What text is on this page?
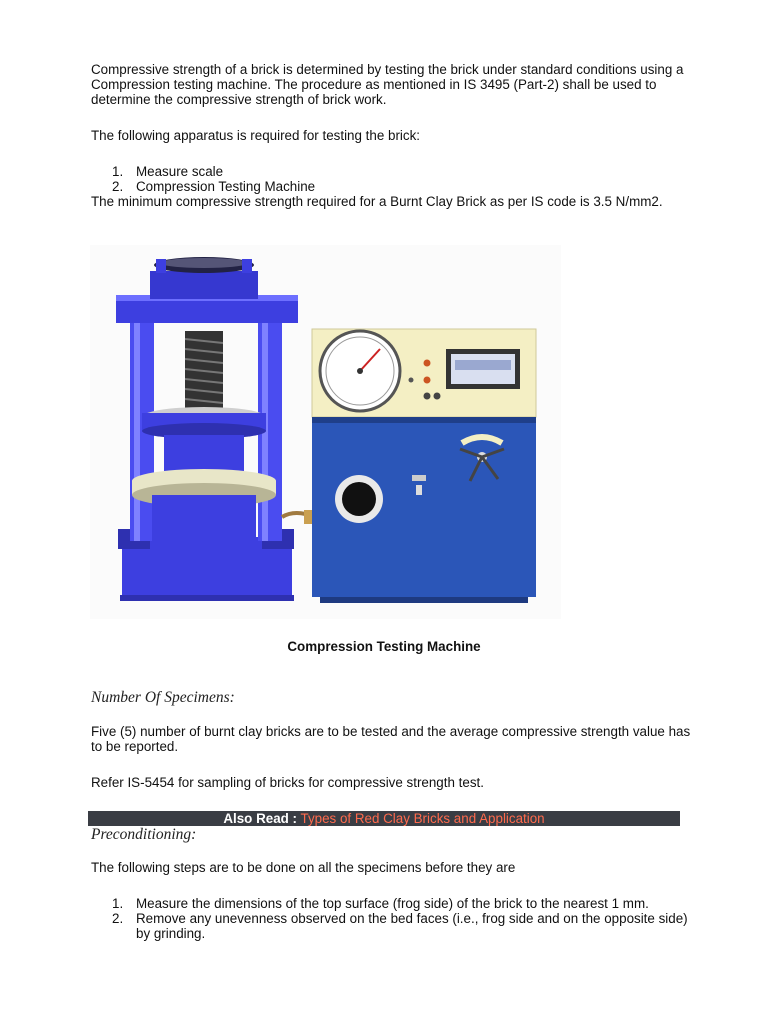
Compressive strength of a brick is determined by testing the brick under standard conditions using a Compression testing machine. The procedure as mentioned in IS 3495 (Part-2) shall be used to determine the compressive strength of brick work.

The following apparatus is required for testing the brick:

1. Measure scale
2. Compression Testing Machine

The minimum compressive strength required for a Burnt Clay Brick as per IS code is 3.5 N/mm2.

Compression Testing Machine

Number Of Specimens:

Five (5) number of burnt clay bricks are to be tested and the average compressive strength value has to be reported.

Refer IS-5454 for sampling of bricks for compressive strength test.

Also Read : Types of Red Clay Bricks and Application
Preconditioning:

The following steps are to be done on all the specimens before they are

1. Measure the dimensions of the top surface (frog side) of the brick to the nearest 1 mm.
2. Remove any unevenness observed on the bed faces (i.e., frog side and on the opposite side) by grinding.
